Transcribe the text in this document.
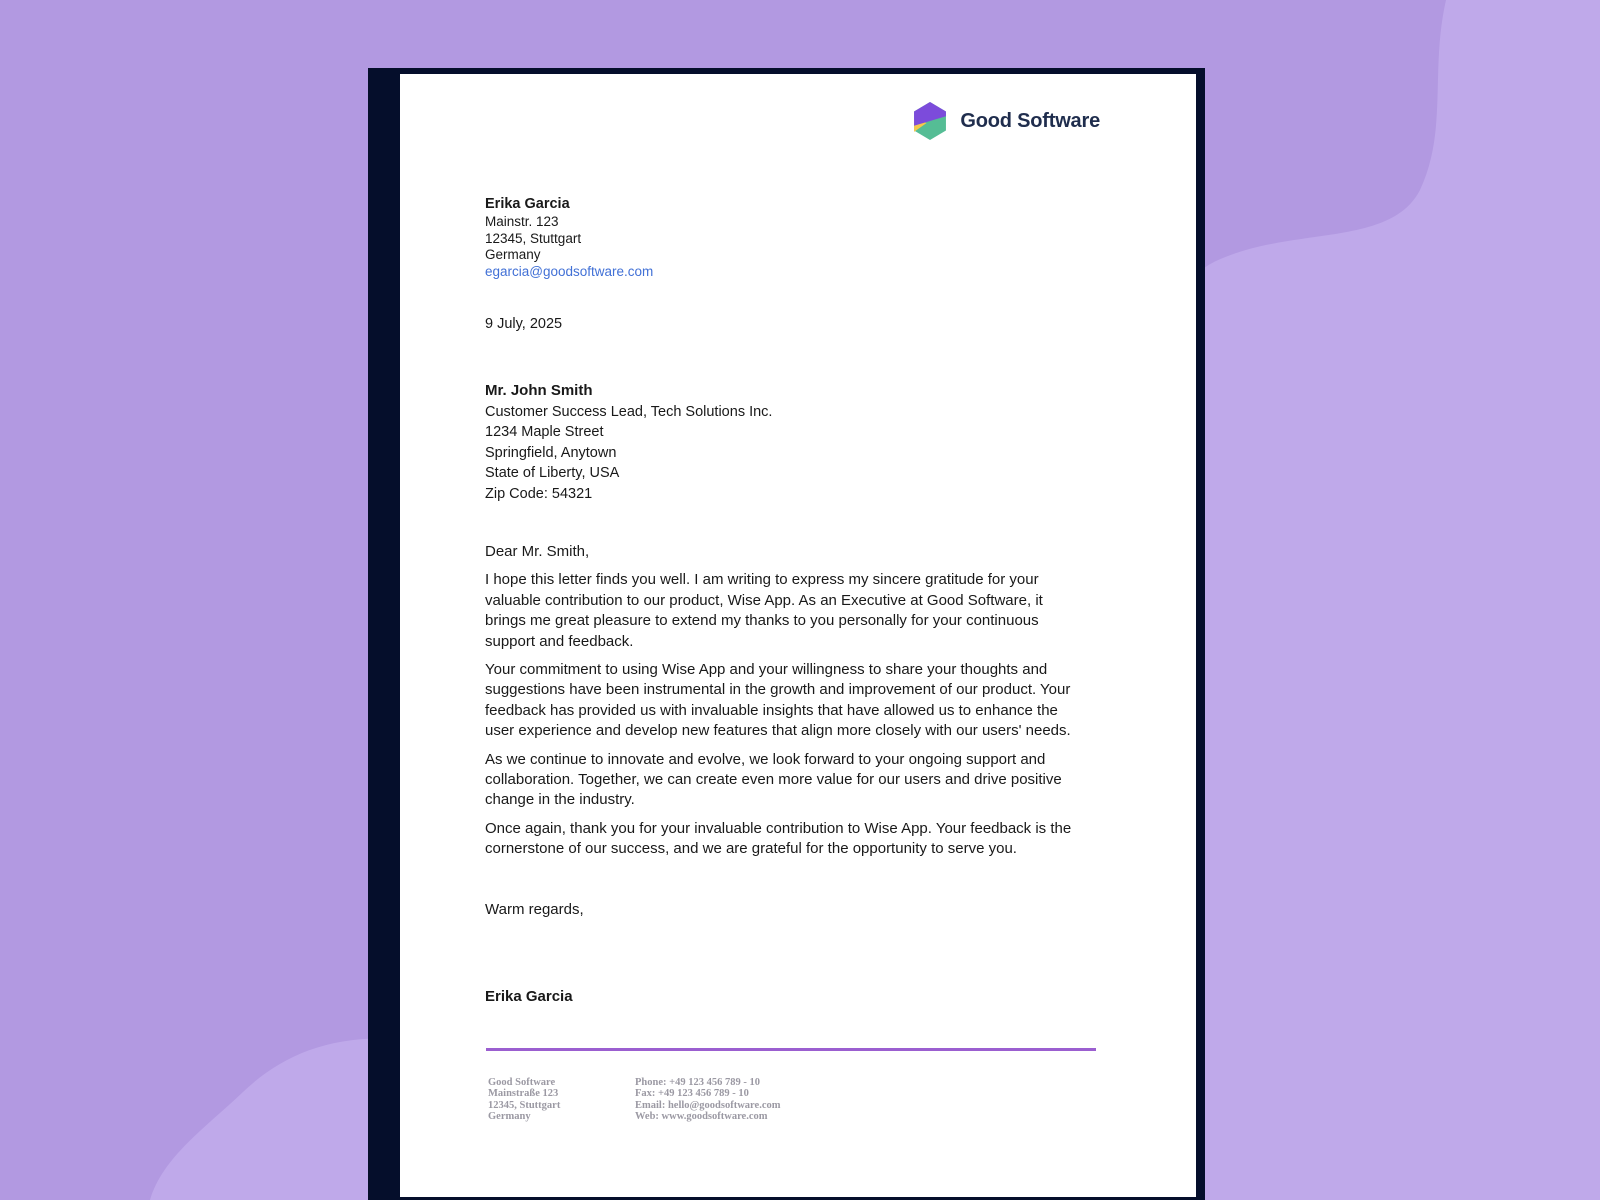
Good Software
Erika Garcia
Mainstr. 123
12345, Stuttgart
Germany
egarcia@goodsoftware.com
9 July, 2025
Mr. John Smith
Customer Success Lead, Tech Solutions Inc.
1234 Maple Street
Springfield, Anytown
State of Liberty, USA
Zip Code: 54321

Dear Mr. Smith,

I hope this letter finds you well. I am writing to express my sincere gratitude for your valuable contribution to our product, Wise App. As an Executive at Good Software, it brings me great pleasure to extend my thanks to you personally for your continuous support and feedback.

Your commitment to using Wise App and your willingness to share your thoughts and suggestions have been instrumental in the growth and improvement of our product. Your feedback has provided us with invaluable insights that have allowed us to enhance the user experience and develop new features that align more closely with our users' needs.

As we continue to innovate and evolve, we look forward to your ongoing support and collaboration. Together, we can create even more value for our users and drive positive change in the industry.

Once again, thank you for your invaluable contribution to Wise App. Your feedback is the cornerstone of our success, and we are grateful for the opportunity to serve you.

Warm regards,
Erika Garcia
Good Software
Mainstraße 123
12345, Stuttgart
Germany
Phone: +49 123 456 789 - 10
Fax: +49 123 456 789 - 10
Email: hello@goodsoftware.com
Web: www.goodsoftware.com
